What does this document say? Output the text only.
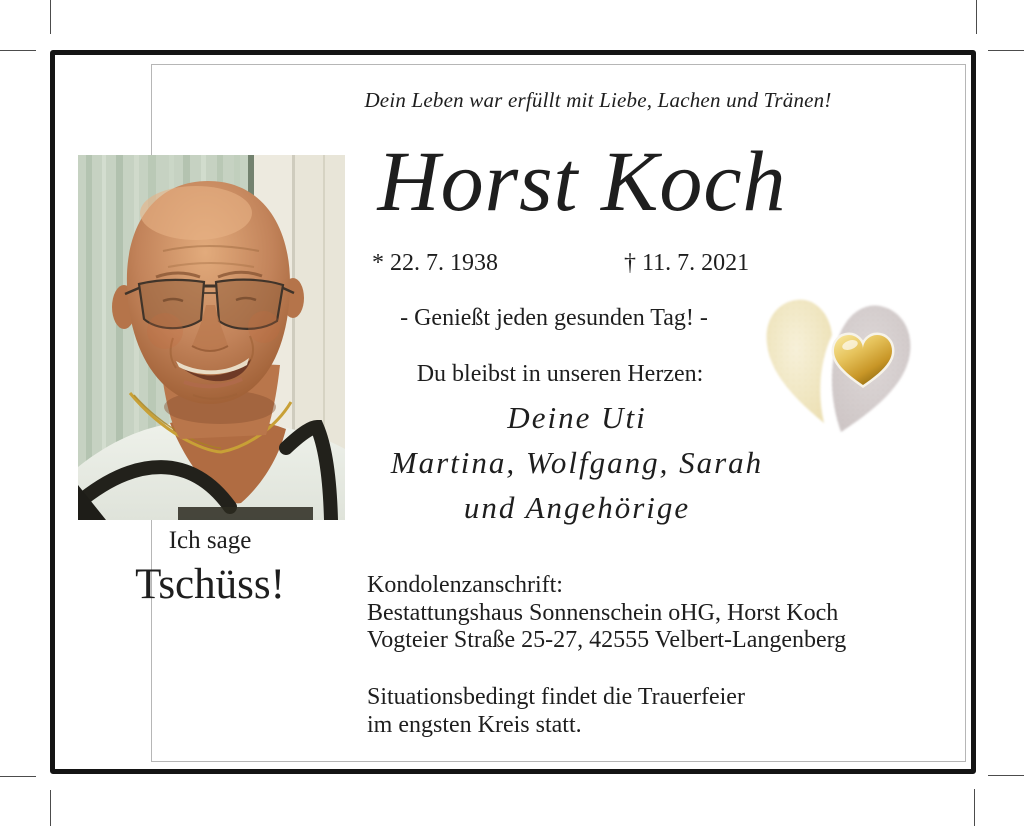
Dein Leben war erfüllt mit Liebe, Lachen und Tränen!
Horst Koch
* 22. 7. 1938	† 11. 7. 2021
- Genießt jeden gesunden Tag! -
Du bleibst in unseren Herzen:
Deine Uti
Martina, Wolfgang, Sarah
und Angehörige
Ich sage
Tschüss!	Kondolenzanschrift:
Bestattungshaus Sonnenschein oHG, Horst Koch
Vogteier Straße 25-27, 42555 Velbert-Langenberg
Situationsbedingt findet die Trauerfeier
im engsten Kreis statt.
